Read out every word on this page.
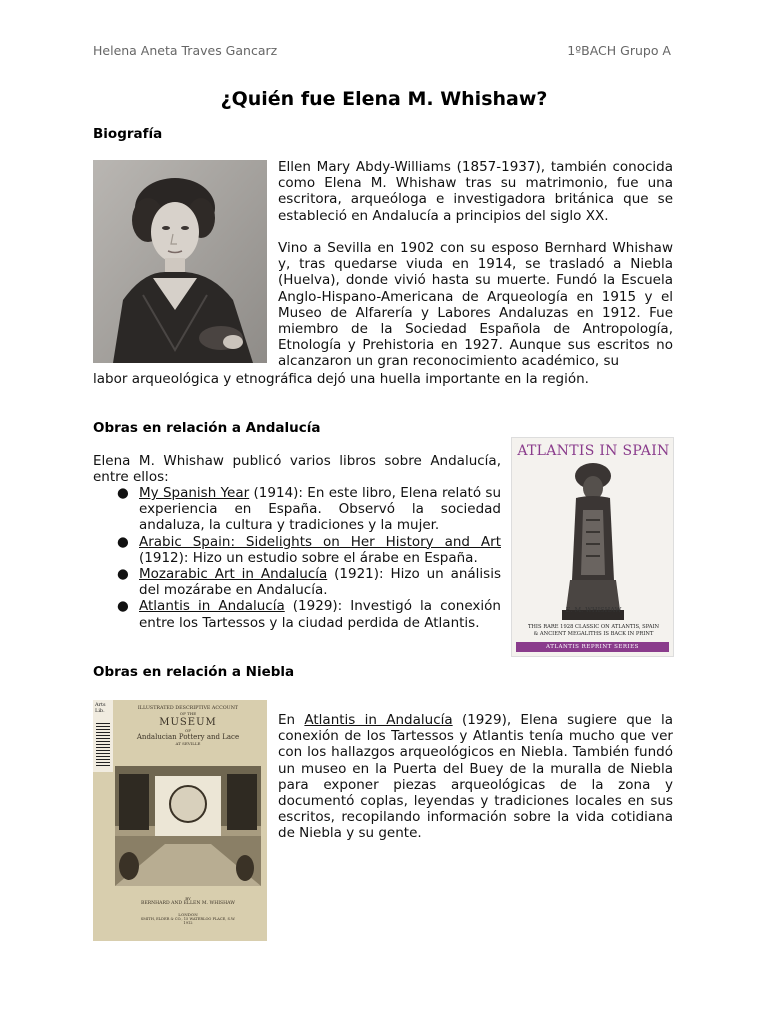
Helena Aneta Traves Gancarz	1ºBACH Grupo A
¿Quién fue Elena M. Whishaw?
Biografía

Ellen Mary Abdy-Williams (1857-1937), también conocida como Elena M. Whishaw tras su matrimonio, fue una escritora, arqueóloga e investigadora británica que se estableció en Andalucía a principios del siglo XX.

Vino a Sevilla en 1902 con su esposo Bernhard Whishaw y, tras quedarse viuda en 1914, se trasladó a Niebla (Huelva), donde vivió hasta su muerte. Fundó la Escuela Anglo-Hispano-Americana de Arqueología en 1915 y el Museo de Alfarería y Labores Andaluzas en 1912. Fue miembro de la Sociedad Española de Antropología, Etnología y Prehistoria en 1927. Aunque sus escritos no alcanzaron un gran reconocimiento académico, su

labor arqueológica y etnográfica dejó una huella importante en la región.

Obras en relación a Andalucía

Elena M. Whishaw publicó varios libros sobre Andalucía, entre ellos:

● My Spanish Year (1914): En este libro, Elena relató su experiencia en España. Observó la sociedad andaluza, la cultura y tradiciones y la mujer.
● Arabic Spain: Sidelights on Her History and Art (1912): Hizo un estudio sobre el árabe en España.
● Mozarabic Art in Andalucía (1921): Hizo un análisis del mozárabe en Andalucía.
● Atlantis in Andalucía (1929): Investigó la conexión entre los Tartessos y la ciudad perdida de Atlantis.
ATLANTIS IN SPAIN
E. M. WHISHAW
THIS RARE 1928 CLASSIC ON ATLANTIS, SPAIN
& ANCIENT MEGALITHS IS BACK IN PRINT
ATLANTIS REPRINT SERIES
Obras en relación a Niebla
Arts Lib.	ILLUSTRATED DESCRIPTIVE ACCOUNT
OF THE
MUSEUM
OF
Andalucian Pottery and Lace
AT SEVILLE
BY
BERNHARD AND ELLEN M. WHISHAW
LONDON
SMITH, ELDER & CO., 15 WATERLOO PLACE, S.W.
1912

En Atlantis in Andalucía (1929), Elena sugiere que la conexión de los Tartessos y Atlantis tenía mucho que ver con los hallazgos arqueológicos en Niebla. También fundó un museo en la Puerta del Buey de la muralla de Niebla para exponer piezas arqueológicas de la zona y documentó coplas, leyendas y tradiciones locales en sus escritos, recopilando información sobre la vida cotidiana de Niebla y su gente.
